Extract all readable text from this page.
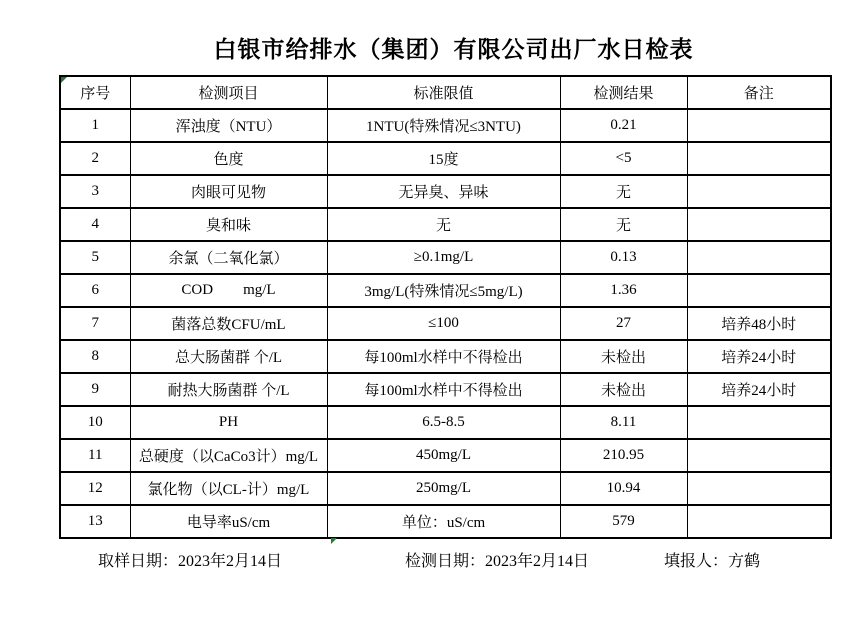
白银市给排水（集团）有限公司出厂水日检表
序号	检测项目	标准限值	检测结果	备注
1	浑浊度（NTU）	1NTU(特殊情况≤3NTU)	0.21	
2	色度	15度	<5	
3	肉眼可见物	无异臭、异味	无	
4	臭和味	无	无	
5	余氯（二氧化氯）	≥0.1mg/L	0.13	
6	COD        mg/L	3mg/L(特殊情况≤5mg/L)	1.36	
7	菌落总数CFU/mL	≤100	27	培养48小时
8	总大肠菌群 个/L	每100ml水样中不得检出	未检出	培养24小时
9	耐热大肠菌群 个/L	每100ml水样中不得检出	未检出	培养24小时
10	PH	6.5-8.5	8.11	
11	总硬度（以CaCo3计）mg/L	450mg/L	210.95	
12	氯化物（以CL-计）mg/L	250mg/L	10.94	
13	电导率uS/cm	单位：uS/cm	579	
取样日期：2023年2月14日	检测日期：2023年2月14日	填报人：方鹤
